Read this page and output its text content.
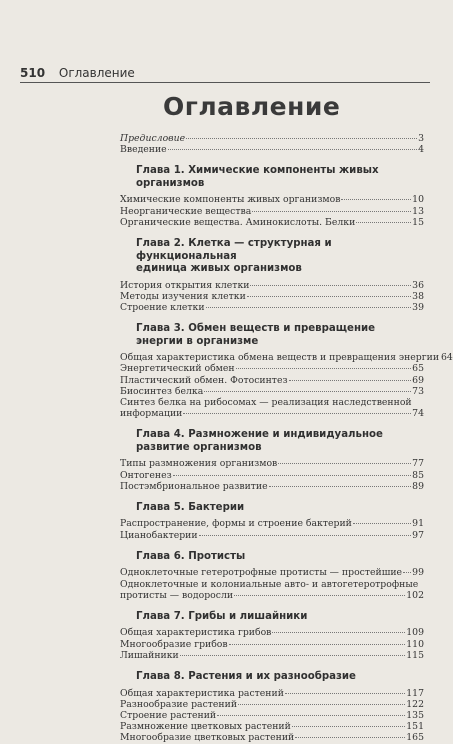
510 Оглавление
Оглавление
Предисловие	3
Введение	4
Глава 1. Химические компоненты живых организмов
Химические компоненты живых организмов	10
Неорганические вещества	13
Органические вещества. Аминокислоты. Белки	15
Глава 2. Клетка — структурная и функциональная
единица живых организмов
История открытия клетки	36
Методы изучения клетки	38
Строение клетки	39
Глава 3. Обмен веществ и превращение
энергии в организме
Общая характеристика обмена веществ и превращения энергии 64
Энергетический обмен	65
Пластический обмен. Фотосинтез	69
Биосинтез белка	73
Синтез белка на рибосомах — реализация наследственной
информации	74
Глава 4. Размножение и индивидуальное
развитие организмов
Типы размножения организмов	77
Онтогенез	85
Постэмбриональное развитие	89
Глава 5. Бактерии
Распространение, формы и строение бактерий	91
Цианобактерии	97
Глава 6. Протисты
Одноклеточные гетеротрофные протисты — простейшие 99
Одноклеточные и колониальные авто- и автогетеротрофные
протисты — водоросли	102
Глава 7. Грибы и лишайники
Общая характеристика грибов	109
Многообразие грибов	110
Лишайники	115
Глава 8. Растения и их разнообразие
Общая характеристика растений	117
Разнообразие растений	122
Строение растений	135
Размножение цветковых растений	151
Многообразие цветковых растений	165
